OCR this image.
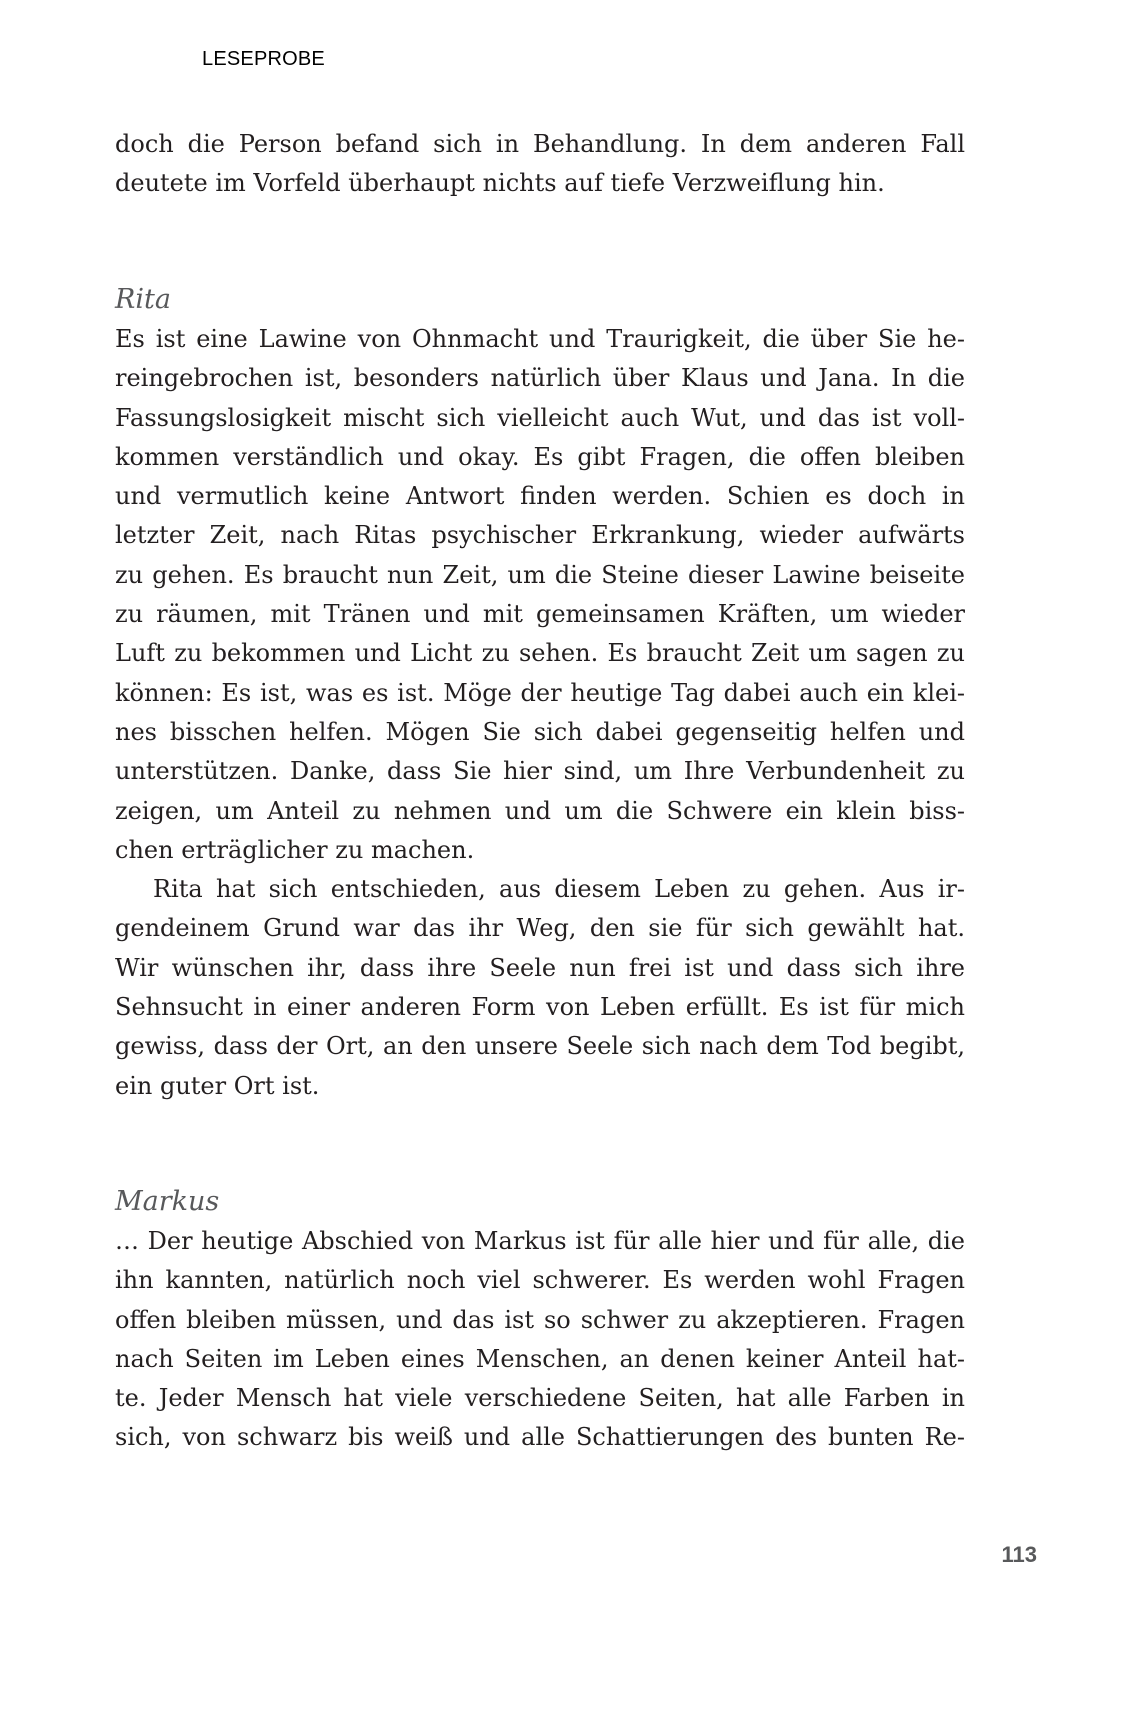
LESEPROBE
doch die Person befand sich in Behandlung. In dem anderen Fall
deutete im Vorfeld überhaupt nichts auf tiefe Verzweiflung hin.
Rita
Es ist eine Lawine von Ohnmacht und Traurigkeit, die über Sie he-
reingebrochen ist, besonders natürlich über Klaus und Jana. In die
Fassungslosigkeit mischt sich vielleicht auch Wut, und das ist voll-
kommen verständlich und okay. Es gibt Fragen, die offen bleiben
und vermutlich keine Antwort finden werden. Schien es doch in
letzter Zeit, nach Ritas psychischer Erkrankung, wieder aufwärts
zu gehen. Es braucht nun Zeit, um die Steine dieser Lawine beiseite
zu räumen, mit Tränen und mit gemeinsamen Kräften, um wieder
Luft zu bekommen und Licht zu sehen. Es braucht Zeit um sagen zu
können: Es ist, was es ist. Möge der heutige Tag dabei auch ein klei-
nes bisschen helfen. Mögen Sie sich dabei gegenseitig helfen und
unterstützen. Danke, dass Sie hier sind, um Ihre Verbundenheit zu
zeigen, um Anteil zu nehmen und um die Schwere ein klein biss-
chen erträglicher zu machen.
Rita hat sich entschieden, aus diesem Leben zu gehen. Aus ir-
gendeinem Grund war das ihr Weg, den sie für sich gewählt hat.
Wir wünschen ihr, dass ihre Seele nun frei ist und dass sich ihre
Sehnsucht in einer anderen Form von Leben erfüllt. Es ist für mich
gewiss, dass der Ort, an den unsere Seele sich nach dem Tod begibt,
ein guter Ort ist.
Markus
… Der heutige Abschied von Markus ist für alle hier und für alle, die
ihn kannten, natürlich noch viel schwerer. Es werden wohl Fragen
offen bleiben müssen, und das ist so schwer zu akzeptieren. Fragen
nach Seiten im Leben eines Menschen, an denen keiner Anteil hat-
te. Jeder Mensch hat viele verschiedene Seiten, hat alle Farben in
sich, von schwarz bis weiß und alle Schattierungen des bunten Re-
113
